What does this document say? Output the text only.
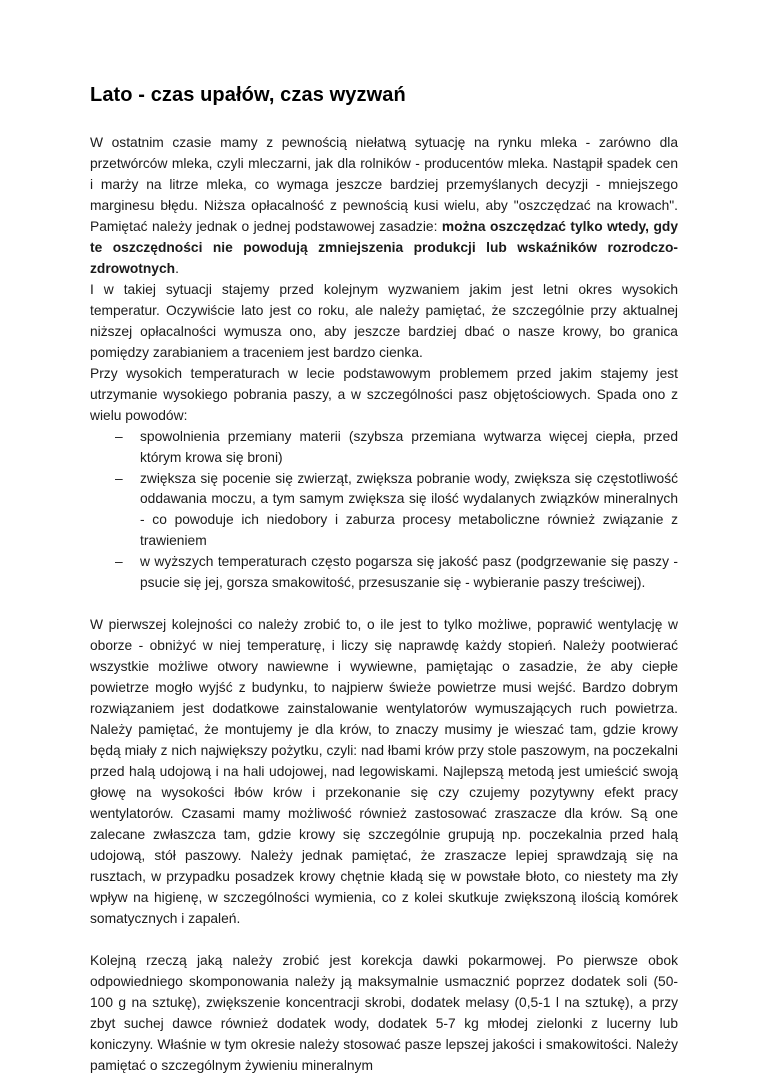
Lato - czas upałów, czas wyzwań

W ostatnim czasie mamy z pewnością niełatwą sytuację na rynku mleka - zarówno dla przetwórców mleka, czyli mleczarni, jak dla rolników - producentów mleka. Nastąpił spadek cen i marży na litrze mleka, co wymaga jeszcze bardziej przemyślanych decyzji - mniejszego marginesu błędu. Niższa opłacalność z pewnością kusi wielu, aby "oszczędzać na krowach". Pamiętać należy jednak o jednej podstawowej zasadzie: można oszczędzać tylko wtedy, gdy te oszczędności nie powodują zmniejszenia produkcji lub wskaźników rozrodczo-zdrowotnych.

I w takiej sytuacji stajemy przed kolejnym wyzwaniem jakim jest letni okres wysokich temperatur. Oczywiście lato jest co roku, ale należy pamiętać, że szczególnie przy aktualnej niższej opłacalności wymusza ono, aby jeszcze bardziej dbać o nasze krowy, bo granica pomiędzy zarabianiem a traceniem jest bardzo cienka.

Przy wysokich temperaturach w lecie podstawowym problemem przed jakim stajemy jest utrzymanie wysokiego pobrania paszy, a w szczególności pasz objętościowych. Spada ono z wielu powodów:

–	spowolnienia przemiany materii (szybsza przemiana wytwarza więcej ciepła, przed którym krowa się broni)
–	zwiększa się pocenie się zwierząt, zwiększa pobranie wody, zwiększa się częstotliwość oddawania moczu, a tym samym zwiększa się ilość wydalanych związków mineralnych - co powoduje ich niedobory i zaburza procesy metaboliczne również związanie z trawieniem
–	w wyższych temperaturach często pogarsza się jakość pasz (podgrzewanie się paszy - psucie się jej, gorsza smakowitość, przesuszanie się - wybieranie paszy treściwej).

W pierwszej kolejności co należy zrobić to, o ile jest to tylko możliwe, poprawić wentylację w oborze - obniżyć w niej temperaturę, i liczy się naprawdę każdy stopień. Należy pootwierać wszystkie możliwe otwory nawiewne i wywiewne, pamiętając o zasadzie, że aby ciepłe powietrze mogło wyjść z budynku, to najpierw świeże powietrze musi wejść. Bardzo dobrym rozwiązaniem jest dodatkowe zainstalowanie wentylatorów wymuszających ruch powietrza. Należy pamiętać, że montujemy je dla krów, to znaczy musimy je wieszać tam, gdzie krowy będą miały z nich największy pożytku, czyli: nad łbami krów przy stole paszowym, na poczekalni przed halą udojową i na hali udojowej, nad legowiskami. Najlepszą metodą jest umieścić swoją głowę na wysokości łbów krów i przekonanie się czy czujemy pozytywny efekt pracy wentylatorów. Czasami mamy możliwość również zastosować zraszacze dla krów. Są one zalecane zwłaszcza tam, gdzie krowy się szczególnie grupują np. poczekalnia przed halą udojową, stół paszowy. Należy jednak pamiętać, że zraszacze lepiej sprawdzają się na rusztach, w przypadku posadzek krowy chętnie kładą się w powstałe błoto, co niestety ma zły wpływ na higienę, w szczególności wymienia, co z kolei skutkuje zwiększoną ilością komórek somatycznych i zapaleń.

Kolejną rzeczą jaką należy zrobić jest korekcja dawki pokarmowej. Po pierwsze obok odpowiedniego skomponowania należy ją maksymalnie usmacznić poprzez dodatek soli (50-100 g na sztukę), zwiększenie koncentracji skrobi, dodatek melasy (0,5-1 l na sztukę), a przy zbyt suchej dawce również dodatek wody, dodatek 5-7 kg młodej zielonki z lucerny lub koniczyny. Właśnie w tym okresie należy stosować pasze lepszej jakości i smakowitości. Należy pamiętać o szczególnym żywieniu mineralnym
